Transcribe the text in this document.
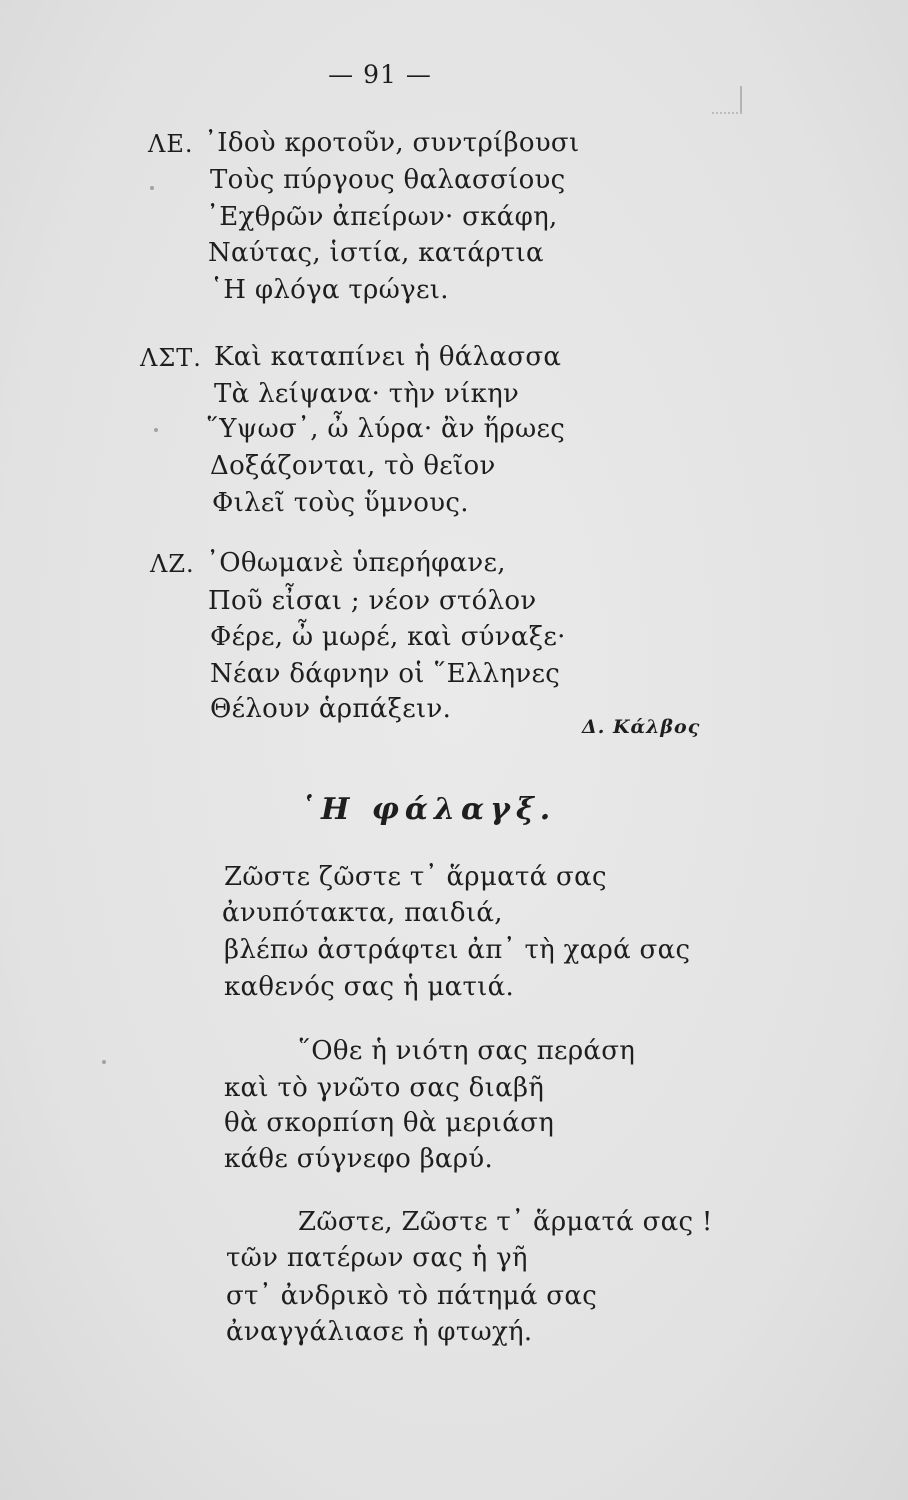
— 91 —
ΛΕ. ᾽Ιδοὺ κροτοῦν, συντρίβουσι
Τοὺς πύργους θαλασσίους
᾽Εχθρῶν ἀπείρων· σκάφη,
Ναύτας, ἱστία, κατάρτια
῾Η φλόγα τρώγει.
ΛΣΤ. Καὶ καταπίνει ἡ θάλασσα
Τὰ λείψανα· τὴν νίκην
῞Υψωσ᾽, ὦ λύρα· ἂν ἥρωες
Δοξάζονται, τὸ θεῖον
Φιλεῖ τοὺς ὕμνους.
ΛΖ. ᾽Οθωμανὲ ὑπερήφανε,
Ποῦ εἶσαι ; νέον στόλον
Φέρε, ὦ μωρέ, καὶ σύναξε·
Νέαν δάφνην οἱ ῞Ελληνες
Θέλουν ἁρπάξειν.
Δ. Κάλβος
῾Η φάλαγξ.
Ζῶστε ζῶστε τ᾽ ἅρματά σας
ἀνυπότακτα, παιδιά,
βλέπω ἀστράφτει ἀπ᾽ τὴ χαρά σας
καθενός σας ἡ ματιά.
῞Οθε ἡ νιότη σας περάση
καὶ τὸ γνῶτο σας διαβῆ
θὰ σκορπίση θὰ μεριάση
κάθε σύγνεφο βαρύ.
Ζῶστε, Ζῶστε τ᾽ ἅρματά σας !
τῶν πατέρων σας ἡ γῆ
στ᾽ ἀνδρικὸ τὸ πάτημά σας
ἀναγγάλιασε ἡ φτωχή.
